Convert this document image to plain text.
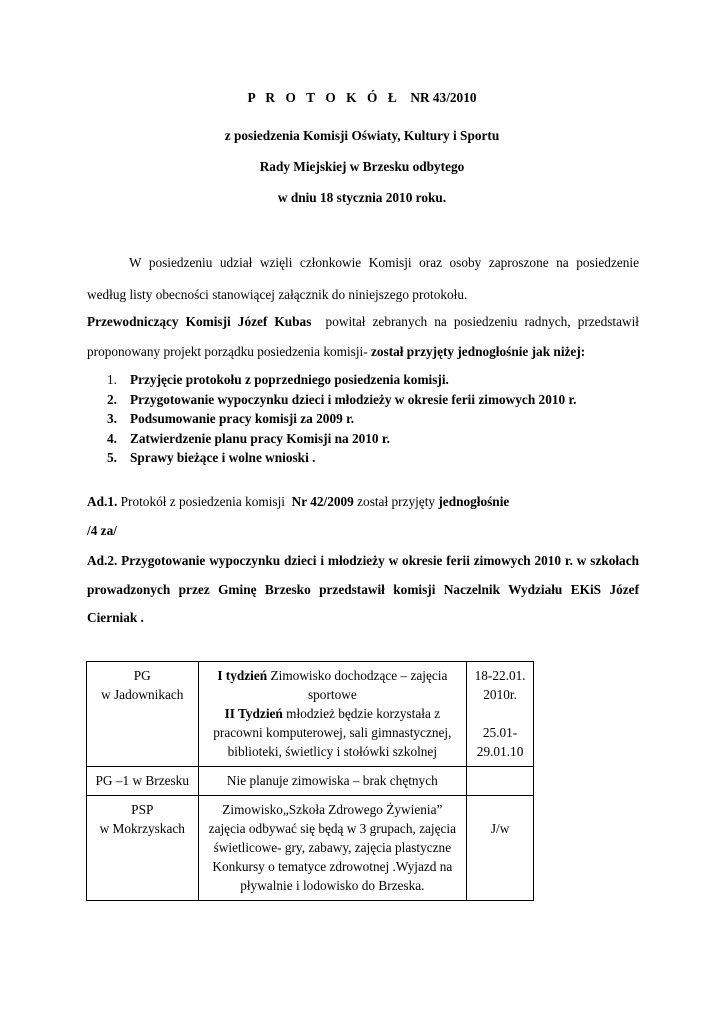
P R O T O K Ó Ł NR 43/2010
z posiedzenia Komisji Oświaty, Kultury i Sportu
Rady Miejskiej w Brzesku odbytego
w dniu 18 stycznia 2010 roku.

W posiedzeniu udział wzięli członkowie Komisji oraz osoby zaproszone na posiedzenie

według listy obecności stanowiącej załącznik do niniejszego protokołu.

Przewodniczący Komisji Józef Kubas powitał zebranych na posiedzeniu radnych, przedstawił

proponowany projekt porządku posiedzenia komisji- został przyjęty jednogłośnie jak niżej:

1. Przyjęcie protokołu z poprzedniego posiedzenia komisji.
2. Przygotowanie wypoczynku dzieci i młodzieży w okresie ferii zimowych 2010 r.
3. Podsumowanie pracy komisji za 2009 r.
4. Zatwierdzenie planu pracy Komisji na 2010 r.
5. Sprawy bieżące i wolne wnioski .

Ad.1. Protokół z posiedzenia komisji Nr 42/2009 został przyjęty jednogłośnie

/4 za/

Ad.2. Przygotowanie wypoczynku dzieci i młodzieży w okresie ferii zimowych 2010 r. w szkołach

prowadzonych przez Gminę Brzesko przedstawił komisji Naczelnik Wydziału EKiS Józef

Cierniak .

PG
w Jadownikach	I tydzień Zimowisko dochodzące – zajęcia
sportowe
II Tydzień młodzież będzie korzystała z
pracowni komputerowej, sali gimnastycznej,
biblioteki, świetlicy i stołówki szkolnej	18-22.01.
2010r.

25.01-
29.01.10
PG –1 w Brzesku	Nie planuje zimowiska – brak chętnych	
PSP
w Mokrzyskach	Zimowisko„Szkoła Zdrowego Żywienia”
zajęcia odbywać się będą w 3 grupach, zajęcia
świetlicowe- gry, zabawy, zajęcia plastyczne
Konkursy o tematyce zdrowotnej .Wyjazd na
pływalnie i lodowisko do Brzeska.	J/w
